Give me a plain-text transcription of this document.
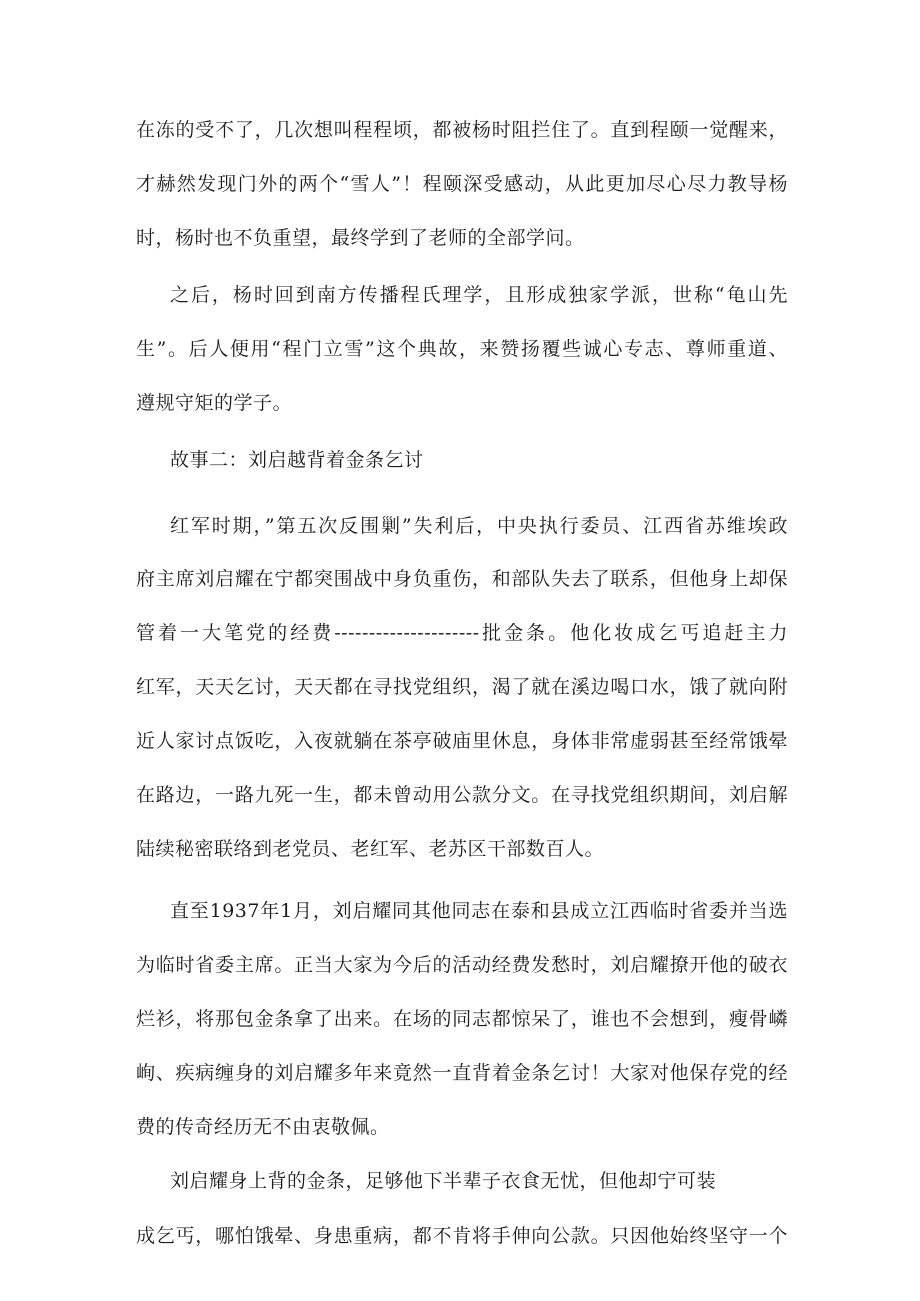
在冻的受不了，几次想叫程程顷，都被杨时阻拦住了。直到程颐一觉醒来，
才赫然发现门外的两个“雪人”！程颐深受感动，从此更加尽心尽力教导杨
时，杨时也不负重望，最终学到了老师的全部学问。
之后，杨时回到南方传播程氏理学，且形成独家学派，世称“龟山先
生”。后人便用“程门立雪”这个典故，来赞扬覆些诚心专志、尊师重道、
遵规守矩的学子。
故事二：刘启越背着金条乞讨
红军时期，”第五次反围剿”失利后，中央执行委员、江西省苏维埃政
府主席刘启耀在宁都突围战中身负重伤，和部队失去了联系，但他身上却保
管着一大笔党的经费---------------------批金条。他化妆成乞丐追赶主力
红军，天天乞讨，天天都在寻找党组织，渴了就在溪边喝口水，饿了就向附
近人家讨点饭吃，入夜就躺在茶亭破庙里休息，身体非常虚弱甚至经常饿晕
在路边，一路九死一生，都未曾动用公款分文。在寻找党组织期间，刘启解
陆续秘密联络到老党员、老红军、老苏区干部数百人。
直至1937年1月，刘启耀同其他同志在泰和县成立江西临时省委并当选
为临时省委主席。正当大家为今后的活动经费发愁时，刘启耀撩开他的破衣
烂衫，将那包金条拿了出来。在场的同志都惊呆了，谁也不会想到，瘦骨嶙
峋、疾病缠身的刘启耀多年来竟然一直背着金条乞讨！大家对他保存党的经
费的传奇经历无不由衷敬佩。
刘启耀身上背的金条，足够他下半辈子衣食无忧，但他却宁可装
成乞丐，哪怕饿晕、身患重病，都不肯将手伸向公款。只因他始终坚守一个
